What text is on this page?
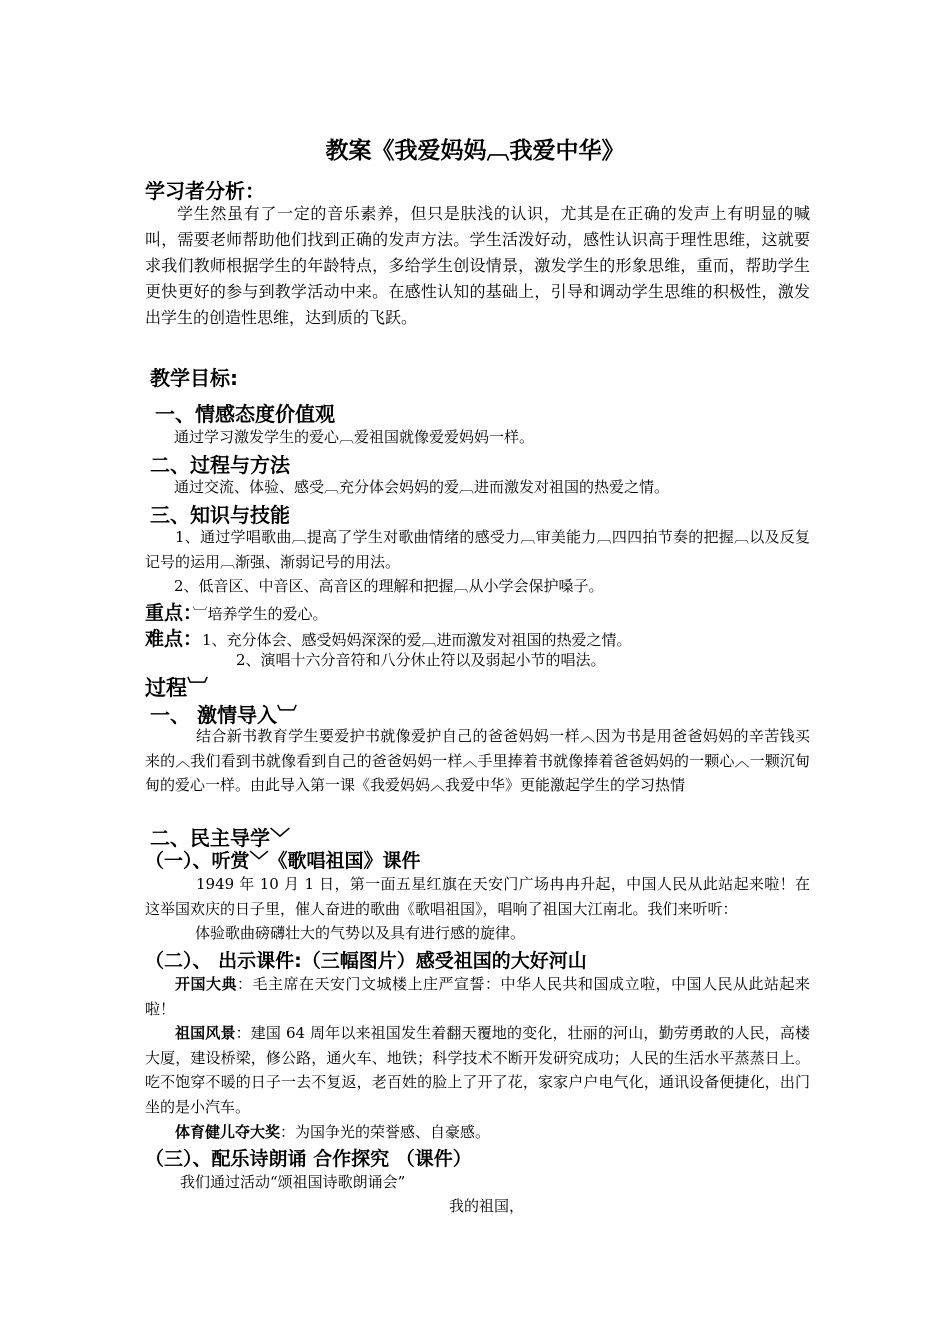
教案《我爱妈妈︹我爱中华》
学习者分析：
学生然虽有了一定的音乐素养，但只是肤浅的认识，尤其是在正确的发声上有明显的喊叫，需要老师帮助他们找到正确的发声方法。学生活泼好动，感性认识高于理性思维，这就要求我们教师根据学生的年龄特点，多给学生创设情景，激发学生的形象思维，重而，帮助学生更快更好的参与到教学活动中来。在感性认知的基础上，引导和调动学生思维的积极性，激发出学生的创造性思维，达到质的飞跃。
教学目标:
一、情感态度价值观
通过学习激发学生的爱心︹爱祖国就像爱爱妈妈一样。
二、过程与方法
通过交流、体验、感受︹充分体会妈妈的爱︹进而激发对祖国的热爱之情。
三、知识与技能
1、通过学唱歌曲︹提高了学生对歌曲情绪的感受力︹审美能力︹四四拍节奏的把握︹以及反复记号的运用︹渐强、渐弱记号的用法。
2、低音区、中音区、高音区的理解和把握︹从小学会保护嗓子。
重点：︺培养学生的爱心。
难点：1、充分体会、感受妈妈深深的爱︹进而激发对祖国的热爱之情。
2、演唱十六分音符和八分休止符以及弱起小节的唱法。
过程︺
一、 激情导入︺
结合新书教育学生要爱护书就像爱护自己的爸爸妈妈一样︿因为书是用爸爸妈妈的辛苦钱买来的︿我们看到书就像看到自己的爸爸妈妈一样︿手里捧着书就像捧着爸爸妈妈的一颗心︿一颗沉甸甸的爱心一样。由此导入第一课《我爱妈妈︿我爱中华》更能激起学生的学习热情
二、民主导学﹀
（一）、听赏﹀《歌唱祖国》课件
1949 年 10 月 1 日，第一面五星红旗在天安门广场冉冉升起，中国人民从此站起来啦！在这举国欢庆的日子里，催人奋进的歌曲《歌唱祖国》，唱响了祖国大江南北。我们来听听：
体验歌曲磅礴壮大的气势以及具有进行感的旋律。
（二）、 出示课件:（三幅图片）感受祖国的大好河山
开国大典：毛主席在天安门文城楼上庄严宣誓：中华人民共和国成立啦，中国人民从此站起来啦！
祖国风景：建国 64 周年以来祖国发生着翻天覆地的变化，壮丽的河山，勤劳勇敢的人民，高楼大厦，建设桥梁，修公路，通火车、地铁；科学技术不断开发研究成功；人民的生活水平蒸蒸日上。吃不饱穿不暖的日子一去不复返，老百姓的脸上了开了花，家家户户电气化，通讯设备便捷化，出门坐的是小汽车。
体育健儿夺大奖：为国争光的荣誉感、自豪感。
（三）、配乐诗朗诵 合作探究 （课件）
我们通过活动“颂祖国诗歌朗诵会”
我的祖国，
